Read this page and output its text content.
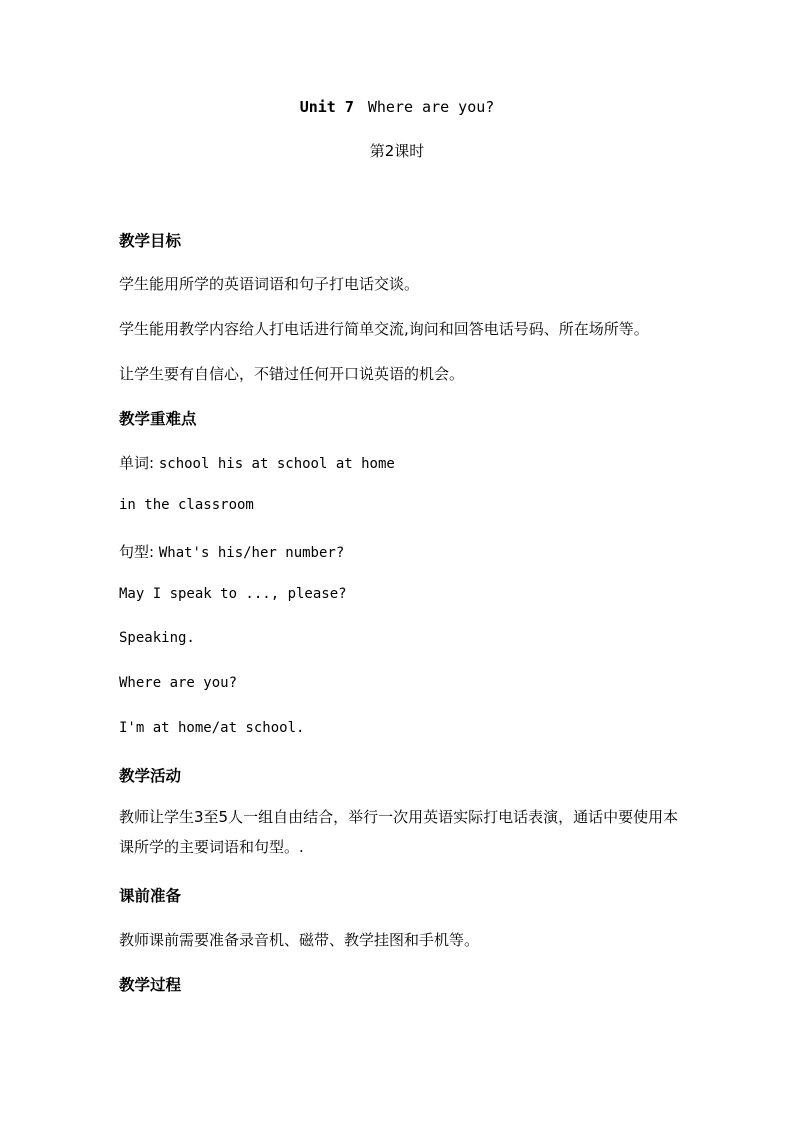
Unit 7 Where are you?
第2课时
教学目标
学生能用所学的英语词语和句子打电话交谈。
学生能用教学内容给人打电话进行简单交流,询问和回答电话号码、所在场所等。
让学生要有自信心，不错过任何开口说英语的机会。
教学重难点
单词: school his at school at home
in the classroom
句型: What's his/her number?
May I speak to ..., please?
Speaking.
Where are you?
I'm at home/at school.
教学活动
教师让学生3至5人一组自由结合，举行一次用英语实际打电话表演，通话中要使用本课所学的主要词语和句型。.
课前准备
教师课前需要准备录音机、磁带、教学挂图和手机等。
教学过程
